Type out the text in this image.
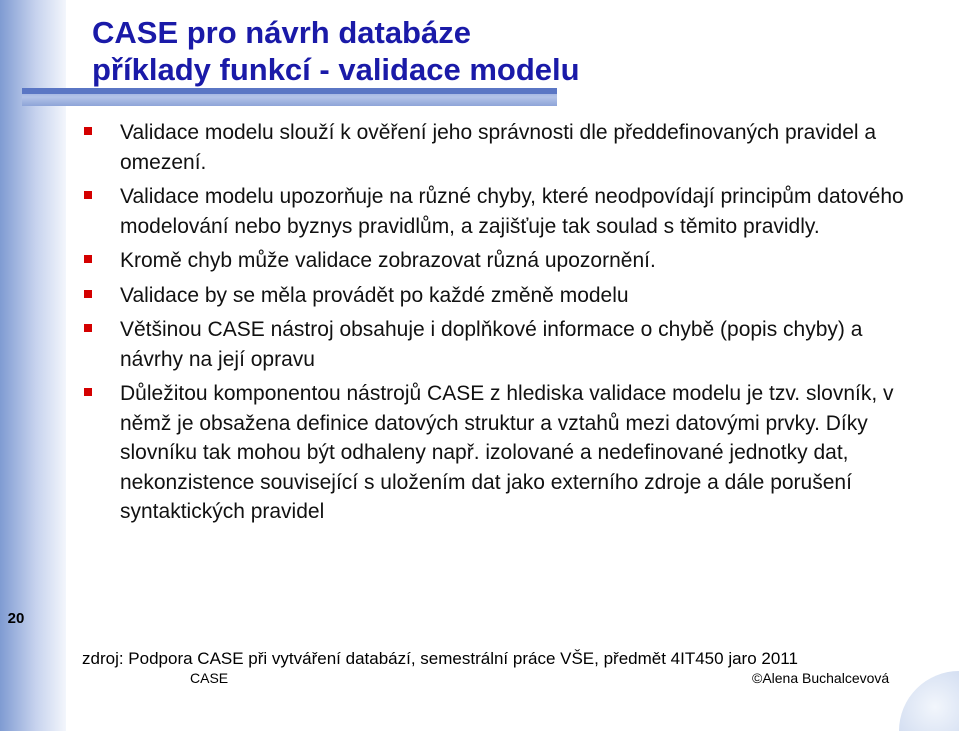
20
CASE pro návrh databáze
příklady funkcí - validace modelu
Validace modelu slouží k ověření jeho správnosti dle předdefinovaných pravidel a omezení.
Validace modelu upozorňuje na různé chyby, které neodpovídají principům datového modelování nebo byznys pravidlům, a zajišťuje tak soulad s těmito pravidly.
Kromě chyb může validace zobrazovat různá upozornění.
Validace by se měla provádět po každé změně modelu
Většinou CASE nástroj obsahuje i doplňkové informace o chybě (popis chyby) a návrhy na její opravu
Důležitou komponentou nástrojů CASE z hlediska validace modelu je tzv. slovník, v němž je obsažena definice datových struktur a vztahů mezi datovými prvky. Díky slovníku tak mohou být odhaleny např. izolované a nedefinované jednotky dat, nekonzistence související s uložením dat jako externího zdroje a dále porušení syntaktických pravidel
zdroj: Podpora CASE při vytváření databází, semestrální práce VŠE, předmět 4IT450 jaro 2011
CASE	©Alena Buchalcevová
